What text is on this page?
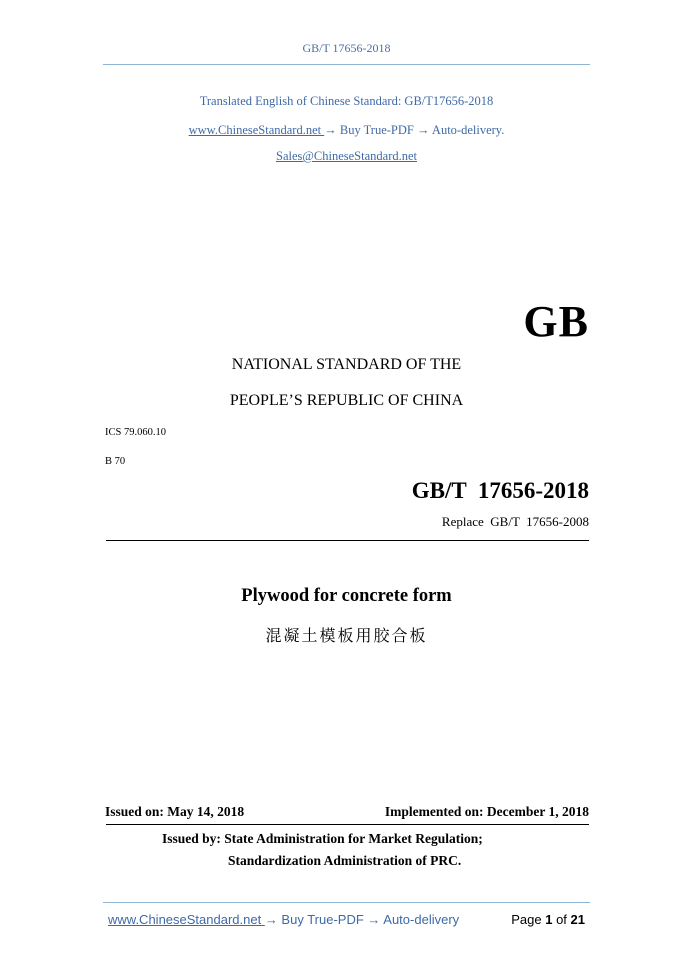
GB/T 17656-2018
Translated English of Chinese Standard: GB/T17656-2018
www.ChineseStandard.net → Buy True-PDF → Auto-delivery.
Sales@ChineseStandard.net
GB
NATIONAL STANDARD OF THE
PEOPLE’S REPUBLIC OF CHINA
ICS 79.060.10
B 70
GB/T  17656-2018
Replace  GB/T  17656-2008
Plywood for concrete form
混凝土模板用胶合板
Issued on: May 14, 2018	Implemented on: December 1, 2018
Issued by: State Administration for Market Regulation;
Standardization Administration of PRC.
www.ChineseStandard.net → Buy True-PDF → Auto-delivery	Page 1 of 21
